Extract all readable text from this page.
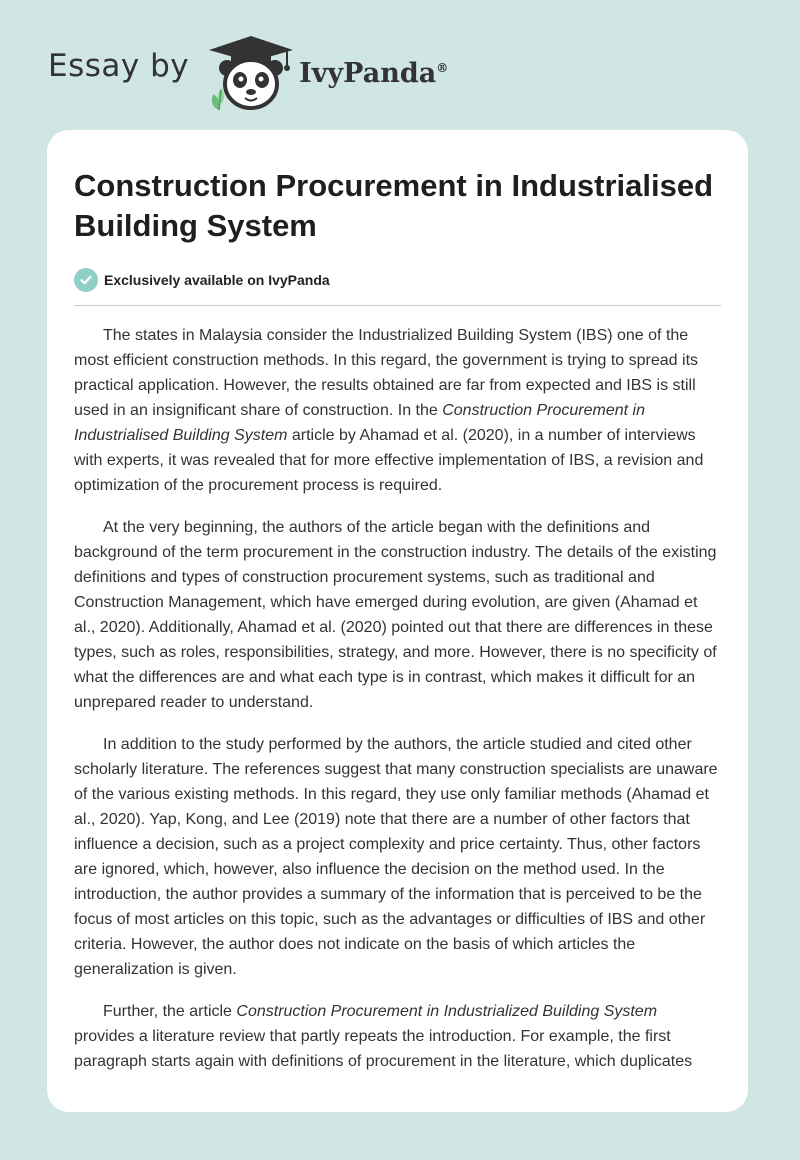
Essay by	IvyPanda®
Construction Procurement in Industrialised Building System
Exclusively available on IvyPanda

The states in Malaysia consider the Industrialized Building System (IBS) one of the most efficient construction methods. In this regard, the government is trying to spread its practical application. However, the results obtained are far from expected and IBS is still used in an insignificant share of construction. In the Construction Procurement in Industrialised Building System article by Ahamad et al. (2020), in a number of interviews with experts, it was revealed that for more effective implementation of IBS, a revision and optimization of the procurement process is required.

At the very beginning, the authors of the article began with the definitions and background of the term procurement in the construction industry. The details of the existing definitions and types of construction procurement systems, such as traditional and Construction Management, which have emerged during evolution, are given (Ahamad et al., 2020). Additionally, Ahamad et al. (2020) pointed out that there are differences in these types, such as roles, responsibilities, strategy, and more. However, there is no specificity of what the differences are and what each type is in contrast, which makes it difficult for an unprepared reader to understand.

In addition to the study performed by the authors, the article studied and cited other scholarly literature. The references suggest that many construction specialists are unaware of the various existing methods. In this regard, they use only familiar methods (Ahamad et al., 2020). Yap, Kong, and Lee (2019) note that there are a number of other factors that influence a decision, such as a project complexity and price certainty. Thus, other factors are ignored, which, however, also influence the decision on the method used. In the introduction, the author provides a summary of the information that is perceived to be the focus of most articles on this topic, such as the advantages or difficulties of IBS and other criteria. However, the author does not indicate on the basis of which articles the generalization is given.

Further, the article Construction Procurement in Industrialized Building System provides a literature review that partly repeats the introduction. For example, the first paragraph starts again with definitions of procurement in the literature, which duplicates
